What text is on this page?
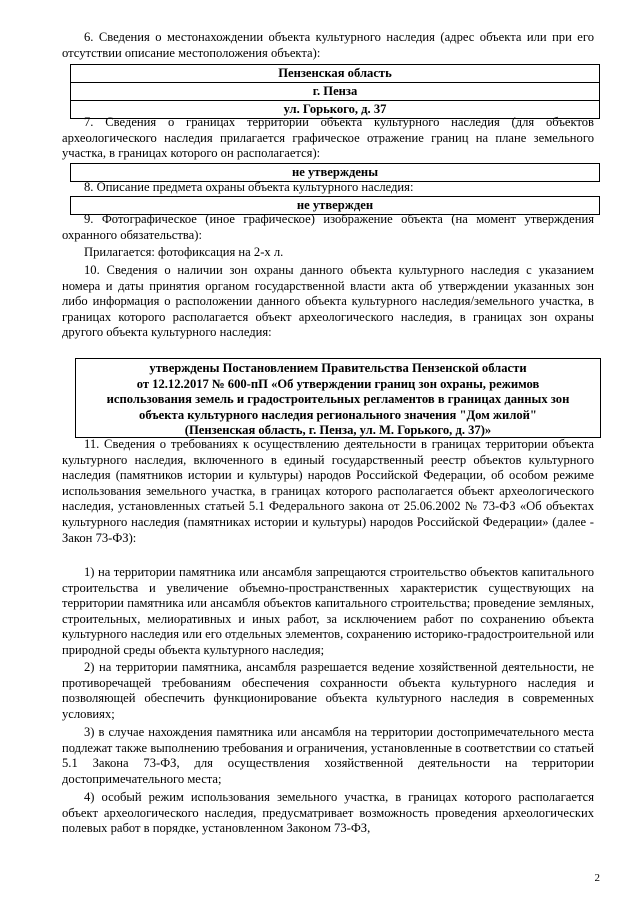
6. Сведения о местонахождении объекта культурного наследия (адрес объекта или при его отсутствии описание местоположения объекта):

Пензенская область
г. Пенза
ул. Горького, д. 37

7. Сведения о границах территории объекта культурного наследия (для объектов археологического наследия прилагается графическое отражение границ на плане земельного участка, в границах которого он располагается):

не утверждены

8. Описание предмета охраны объекта культурного наследия:

не утвержден

9. Фотографическое (иное графическое) изображение объекта (на момент утверждения охранного обязательства):

Прилагается: фотофиксация на 2-х л.

10. Сведения о наличии зон охраны данного объекта культурного наследия с указанием номера и даты принятия органом государственной власти акта об утверждении указанных зон либо информация о расположении данного объекта культурного наследия/земельного участка, в границах которого располагается объект археологического наследия, в границах зон охраны другого объекта культурного наследия:

утверждены Постановлением Правительства Пензенской области
от 12.12.2017 № 600-пП «Об утверждении границ зон охраны, режимов
использования земель и градостроительных регламентов в границах данных зон
объекта культурного наследия регионального значения "Дом жилой"
(Пензенская область, г. Пенза, ул. М. Горького, д. 37)»

11. Сведения о требованиях к осуществлению деятельности в границах территории объекта культурного наследия, включенного в единый государственный реестр объектов культурного наследия (памятников истории и культуры) народов Российской Федерации, об особом режиме использования земельного участка, в границах которого располагается объект археологического наследия, установленных статьей 5.1 Федерального закона от 25.06.2002 № 73-ФЗ «Об объектах культурного наследия (памятниках истории и культуры) народов Российской Федерации» (далее - Закон 73-ФЗ):

1) на территории памятника или ансамбля запрещаются строительство объектов капитального строительства и увеличение объемно-пространственных характеристик существующих на территории памятника или ансамбля объектов капитального строительства; проведение земляных, строительных, мелиоративных и иных работ, за исключением работ по сохранению объекта культурного наследия или его отдельных элементов, сохранению историко-градостроительной или природной среды объекта культурного наследия;

2) на территории памятника, ансамбля разрешается ведение хозяйственной деятельности, не противоречащей требованиям обеспечения сохранности объекта культурного наследия и позволяющей обеспечить функционирование объекта культурного наследия в современных условиях;

3) в случае нахождения памятника или ансамбля на территории достопримечательного места подлежат также выполнению требования и ограничения, установленные в соответствии со статьей 5.1 Закона 73-ФЗ, для осуществления хозяйственной деятельности на территории достопримечательного места;

4) особый режим использования земельного участка, в границах которого располагается объект археологического наследия, предусматривает возможность проведения археологических полевых работ в порядке, установленном Законом 73-ФЗ,

2
